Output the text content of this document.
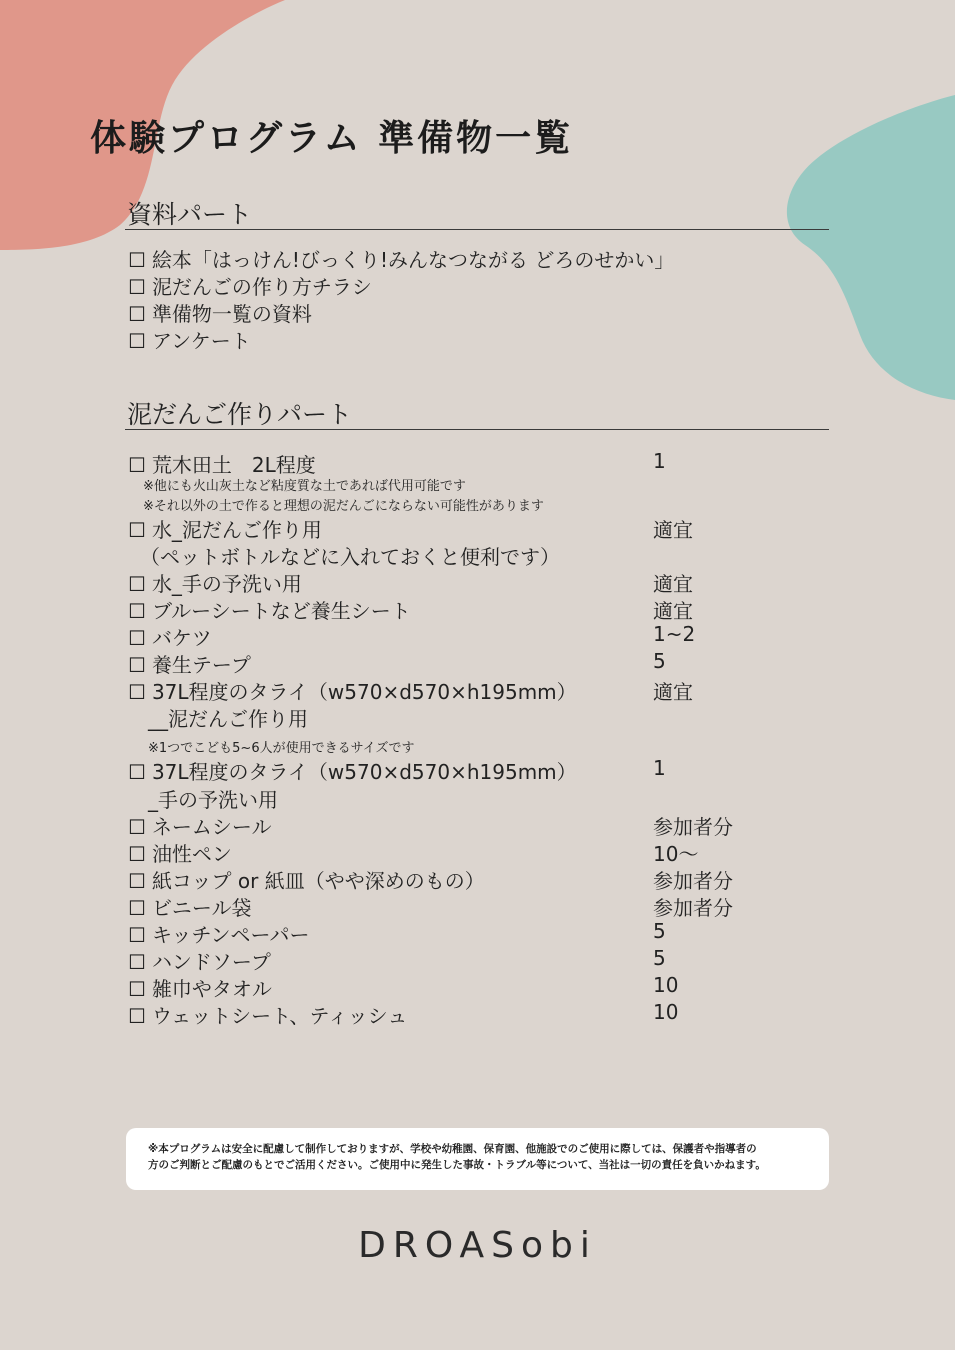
体験プログラム 準備物一覧
資料パート
☐ 絵本「はっけん!びっくり!みんなつながる どろのせかい」
☐ 泥だんごの作り方チラシ
☐ 準備物一覧の資料
☐ アンケート
泥だんご作りパート
☐ 荒木田土　2L程度	1
※他にも火山灰土など粘度質な土であれば代用可能です
※それ以外の土で作ると理想の泥だんごにならない可能性があります
☐ 水_泥だんご作り用	適宜
（ペットボトルなどに入れておくと便利です）
☐ 水_手の予洗い用	適宜
☐ ブルーシートなど養生シート	適宜
☐ バケツ	1~2
☐ 養生テープ	5
☐ 37L程度のタライ（w570×d570×h195mm）	適宜
__泥だんご作り用
※1つでこども5~6人が使用できるサイズです
☐ 37L程度のタライ（w570×d570×h195mm）	1
_手の予洗い用
☐ ネームシール	参加者分
☐ 油性ペン	10〜
☐ 紙コップ or 紙皿（やや深めのもの）	参加者分
☐ ビニール袋	参加者分
☐ キッチンペーパー	5
☐ ハンドソープ	5
☐ 雑巾やタオル	10
☐ ウェットシート、ティッシュ	10
※本プログラムは安全に配慮して制作しておりますが、学校や幼稚園、保育園、他施設でのご使用に際しては、保護者や指導者の
方のご判断とご配慮のもとでご活用ください。ご使用中に発生した事故・トラブル等について、当社は一切の責任を負いかねます。
DROASobi
